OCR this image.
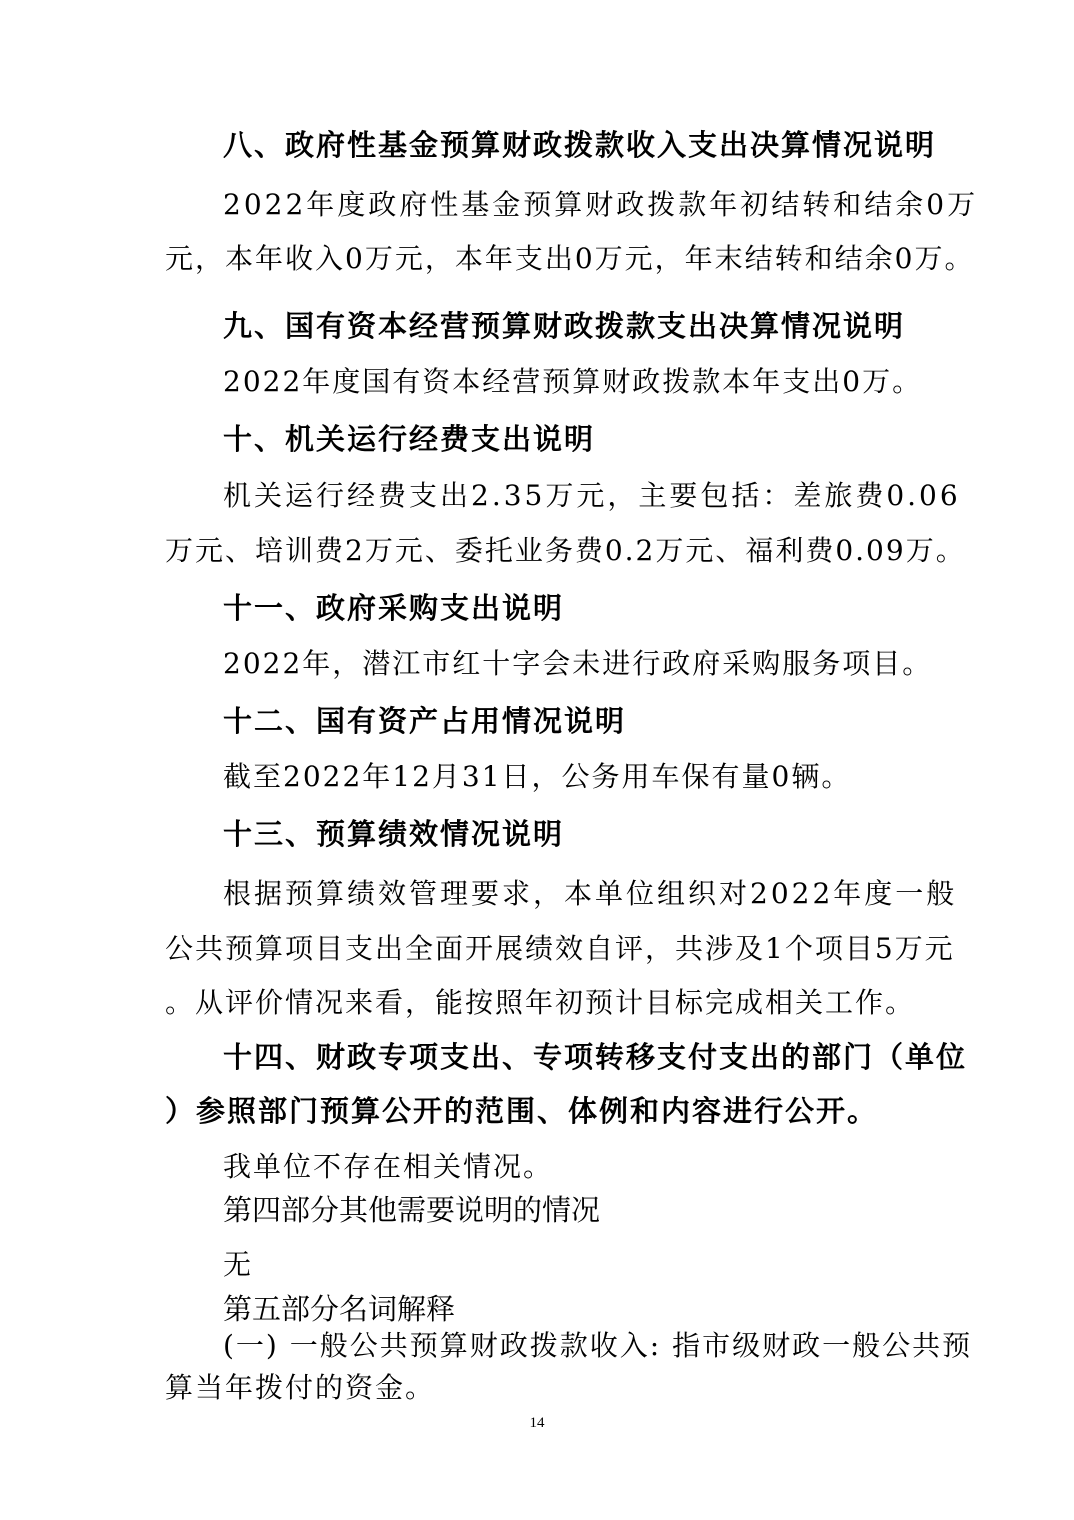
八、政府性基金预算财政拨款收入支出决算情况说明
2022年度政府性基金预算财政拨款年初结转和结余0万
元，本年收入0万元，本年支出0万元，年末结转和结余0万。
九、国有资本经营预算财政拨款支出决算情况说明
2022年度国有资本经营预算财政拨款本年支出0万。
十、机关运行经费支出说明
机关运行经费支出2.35万元，主要包括：差旅费0.06
万元、培训费2万元、委托业务费0.2万元、福利费0.09万。
十一、政府采购支出说明
2022年，潜江市红十字会未进行政府采购服务项目。
十二、国有资产占用情况说明
截至2022年12月31日，公务用车保有量0辆。
十三、预算绩效情况说明
根据预算绩效管理要求，本单位组织对2022年度一般
公共预算项目支出全面开展绩效自评，共涉及1个项目5万元
。从评价情况来看，能按照年初预计目标完成相关工作。
十四、财政专项支出、专项转移支付支出的部门（单位
）参照部门预算公开的范围、体例和内容进行公开。
我单位不存在相关情况。
第四部分其他需要说明的情况
无
第五部分名词解释
(一) 一般公共预算财政拨款收入: 指市级财政一般公共预
算当年拨付的资金。
14
